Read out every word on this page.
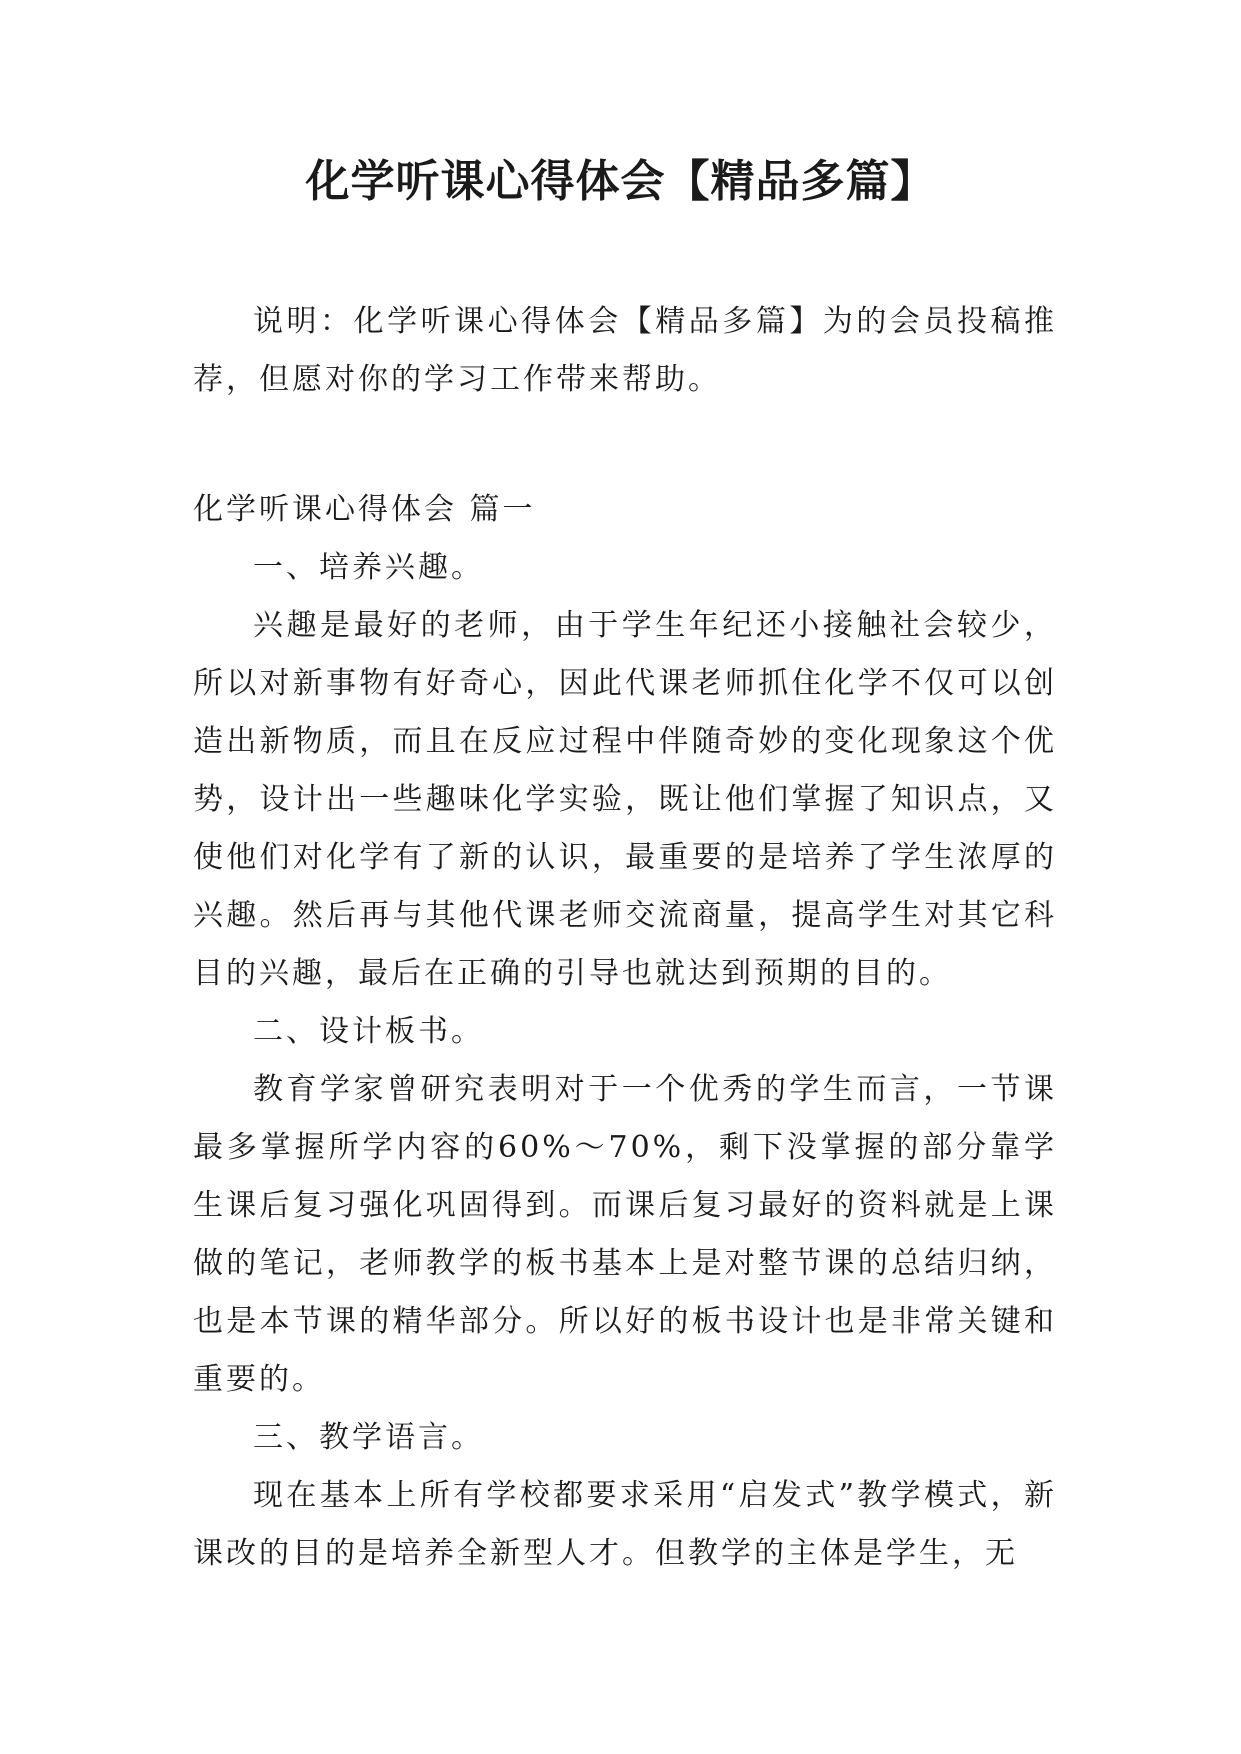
化学听课心得体会【精品多篇】

说明：化学听课心得体会【精品多篇】为的会员投稿推荐，但愿对你的学习工作带来帮助。

化学听课心得体会 篇一

一、培养兴趣。

兴趣是最好的老师，由于学生年纪还小接触社会较少，所以对新事物有好奇心，因此代课老师抓住化学不仅可以创造出新物质，而且在反应过程中伴随奇妙的变化现象这个优势，设计出一些趣味化学实验，既让他们掌握了知识点，又使他们对化学有了新的认识，最重要的是培养了学生浓厚的兴趣。然后再与其他代课老师交流商量，提高学生对其它科目的兴趣，最后在正确的引导也就达到预期的目的。

二、设计板书。

教育学家曾研究表明对于一个优秀的学生而言，一节课最多掌握所学内容的60%～70%，剩下没掌握的部分靠学生课后复习强化巩固得到。而课后复习最好的资料就是上课做的笔记，老师教学的板书基本上是对整节课的总结归纳，也是本节课的精华部分。所以好的板书设计也是非常关键和重要的。

三、教学语言。

现在基本上所有学校都要求采用“启发式”教学模式，新课改的目的是培养全新型人才。但教学的主体是学生，无
